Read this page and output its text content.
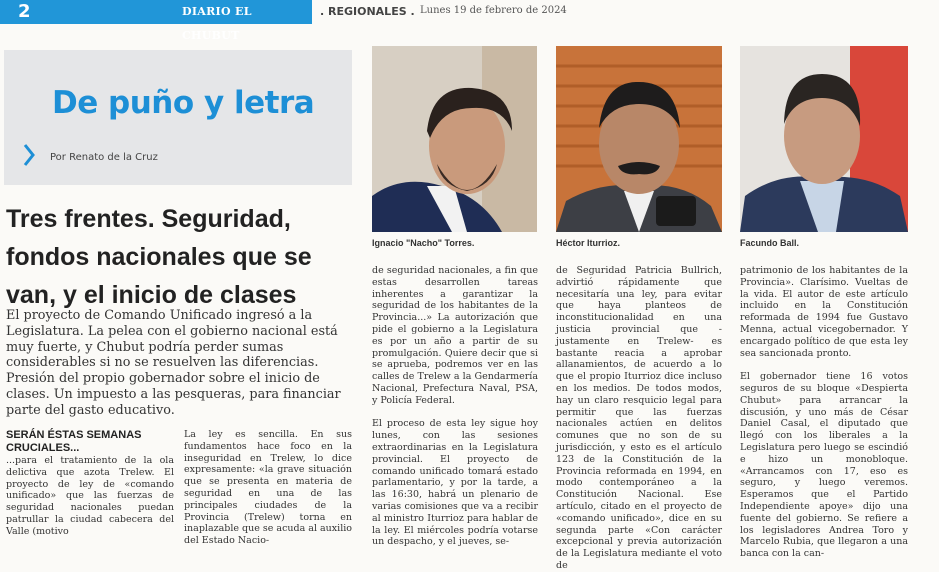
2	DIARIO EL CHUBUT
. REGIONALES . Lunes 19 de febrero de 2024
De puño y letra
Por Renato de la Cruz
Tres frentes. Seguridad, fondos nacionales que se van, y el inicio de clases
El proyecto de Comando Unificado ingresó a la Legislatura. La pelea con el gobierno nacional está muy fuerte, y Chubut podría perder sumas considerables si no se resuelven las diferencias. Presión del propio gobernador sobre el inicio de clases. Un impuesto a las pesqueras, para financiar parte del gasto educativo.
SERÁN ÉSTAS SEMANAS CRUCIALES...
...para el tratamiento de la ola delictiva que azota Trelew. El proyecto de ley de «comando unificado» que las fuerzas de seguridad nacionales puedan patrullar la ciudad cabecera del Valle (motivo
La ley es sencilla. En sus fundamentos hace foco en la inseguridad en Trelew, lo dice expresamente: «la grave situación que se presenta en materia de seguridad en una de las principales ciudades de la Provincia (Trelew) torna en inaplazable que se acuda al auxilio del Estado Nacio-
Ignacio "Nacho" Torres.	Héctor Iturrioz.	Facundo Ball.
de seguridad nacionales, a fin que estas desarrollen tareas inherentes a garantizar la seguridad de los habitantes de la Provincia...» La autorización que pide el gobierno a la Legislatura es por un año a partir de su promulgación. Quiere decir que si se aprueba, podremos ver en las calles de Trelew a la Gendarmería Nacional, Prefectura Naval, PSA, y Policía Federal.

El proceso de esta ley sigue hoy lunes, con las sesiones extraordinarias en la Legislatura provincial. El proyecto de comando unificado tomará estado parlamentario, y por la tarde, a las 16:30, habrá un plenario de varias comisiones que va a recibir al ministro Iturrioz para hablar de la ley. El miércoles podría votarse un despacho, y el jueves, se-
de Seguridad Patricia Bullrich, advirtió rápidamente que necesitaría una ley, para evitar que haya planteos de inconstitucionalidad en una justicia provincial que -justamente en Trelew- es bastante reacia a aprobar allanamientos, de acuerdo a lo que el propio Iturrioz dice incluso en los medios. De todos modos, hay un claro resquicio legal para permitir que las fuerzas nacionales actúen en delitos comunes que no son de su jurisdicción, y esto es el artículo 123 de la Constitución de la Provincia reformada en 1994, en modo contemporáneo a la Constitución Nacional. Ese artículo, citado en el proyecto de «comando unificado», dice en su segunda parte «Con carácter excepcional y previa autorización de la Legislatura mediante el voto de
patrimonio de los habitantes de la Provincia». Clarísimo. Vueltas de la vida. El autor de este artículo incluido en la Constitución reformada de 1994 fue Gustavo Menna, actual vicegobernador. Y encargado político de que esta ley sea sancionada pronto.

El gobernador tiene 16 votos seguros de su bloque «Despierta Chubut» para arrancar la discusión, y uno más de César Daniel Casal, el diputado que llegó con los liberales a la Legislatura pero luego se escindió e hizo un monobloque. «Arrancamos con 17, eso es seguro, y luego veremos. Esperamos que el Partido Independiente apoye» dijo una fuente del gobierno. Se refiere a los legisladores Andrea Toro y Marcelo Rubia, que llegaron a una banca con la can-
